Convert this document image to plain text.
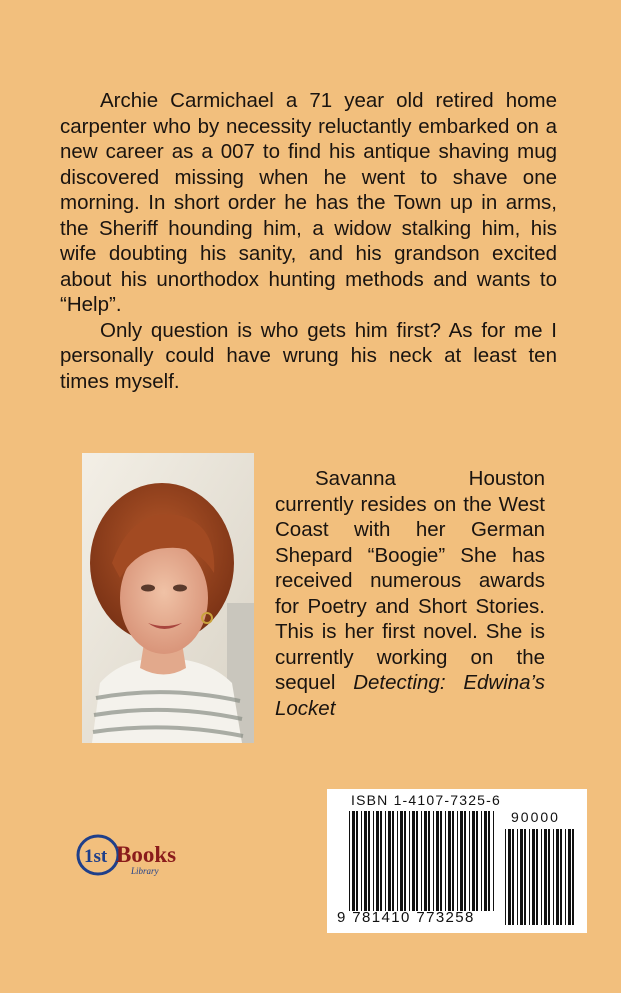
Archie Carmichael a 71 year old retired home carpenter who by necessity reluctantly embarked on a new career as a 007 to find his antique shaving mug discovered missing when he went to shave one morning. In short order he has the Town up in arms, the Sheriff hounding him, a widow stalking him, his wife doubting his sanity, and his grandson excited about his unorthodox hunting methods and wants to “Help”.

Only question is who gets him first? As for me I personally could have wrung his neck at least ten times myself.

Savanna Houston currently resides on the West Coast with her German Shepard “Boogie” She has received numerous awards for Poetry and Short Stories. This is her first novel. She is currently working on the sequel Detecting: Edwina’s Locket

1st Books
Library
ISBN 1-4107-7325-6
90000
9 781410 773258
